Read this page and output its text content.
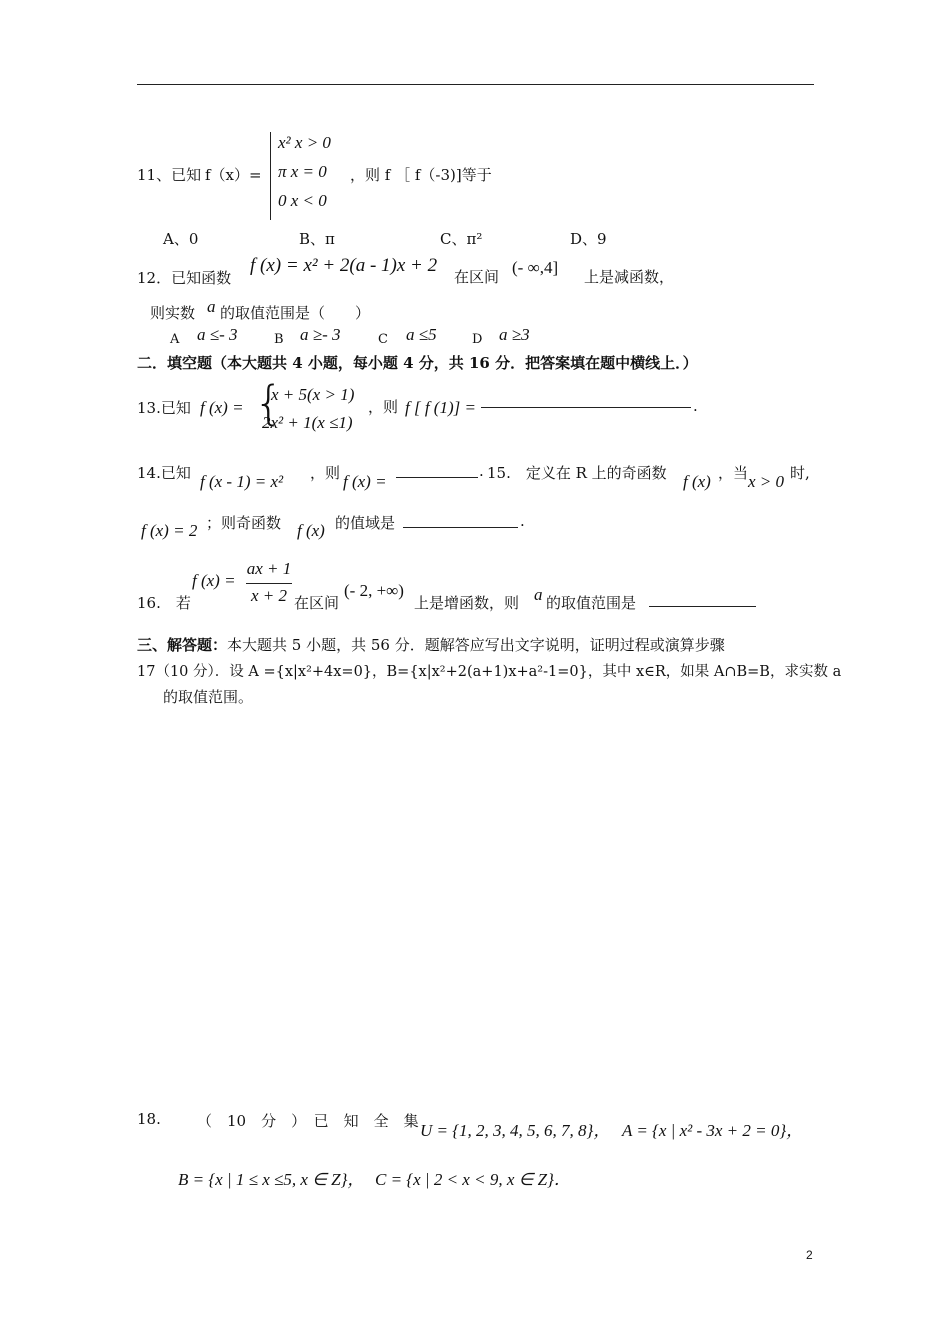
11、已知 f（x）=
x² x > 0
π x = 0
0 x < 0
，则 f ［ f（-3)]等于
A、0	B、π	C、π²	D、9
12．已知函数
f (x) = x² + 2(a - 1)x + 2
在区间 (- ∞,4] 上是减函数，
则实数 a 的取值范围是（　　）
A a ≤- 3	B a ≥- 3	C a ≤5	D a ≥3
二．填空题（本大题共 4 小题，每小题 4 分，共 16 分．把答案填在题中横线上．）
13.已知 f (x) = {
x + 5(x > 1)
2x² + 1(x ≤1)
，则 f [ f (1)] =	.
14.已知 f (x - 1) = x² ，则 f (x) =
. 15.　定义在 R 上的奇函数 f (x) ，当 x > 0 时,
f (x) = 2 ；则奇函数 f (x) 的值域是	.
16.　若
f (x) =
ax + 1
x + 2 在区间
(- 2, +∞)
上是增函数，则 a 的取值范围是
三、解答题：本大题共 5 小题，共 56 分．题解答应写出文字说明，证明过程或演算步骤
17（10 分）．设 A ={x|x²+4x=0}，B={x|x²+2(a+1)x+a²-1=0}，其中 x∈R，如果 A∩B=B，求实数 a
的取值范围。
18. （　10　分　）　已　知　全　集 U = {1, 2, 3, 4, 5, 6, 7, 8}， A = {x | x² - 3x + 2 = 0}，
B = {x | 1 ≤ x ≤5, x ∈ Z}， C = {x | 2 < x < 9, x ∈ Z}．
2
